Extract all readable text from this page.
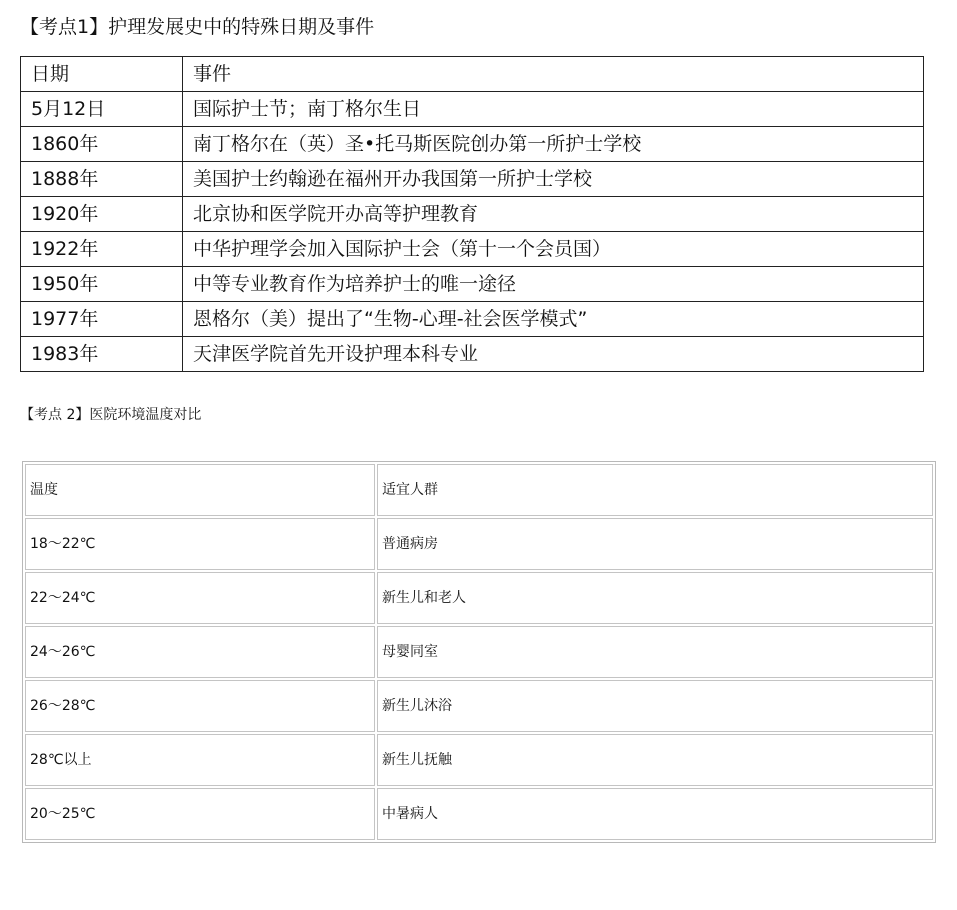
【考点1】护理发展史中的特殊日期及事件
日期	事件
5月12日	国际护士节；南丁格尔生日
1860年	南丁格尔在（英）圣•托马斯医院创办第一所护士学校
1888年	美国护士约翰逊在福州开办我国第一所护士学校
1920年	北京协和医学院开办高等护理教育
1922年	中华护理学会加入国际护士会（第十一个会员国）
1950年	中等专业教育作为培养护士的唯一途径
1977年	恩格尔（美）提出了“生物-心理-社会医学模式”
1983年	天津医学院首先开设护理本科专业
【考点 2】医院环境温度对比
温度	适宜人群
18～22℃	普通病房
22～24℃	新生儿和老人
24～26℃	母婴同室
26～28℃	新生儿沐浴
28℃以上	新生儿抚触
20～25℃	中暑病人
